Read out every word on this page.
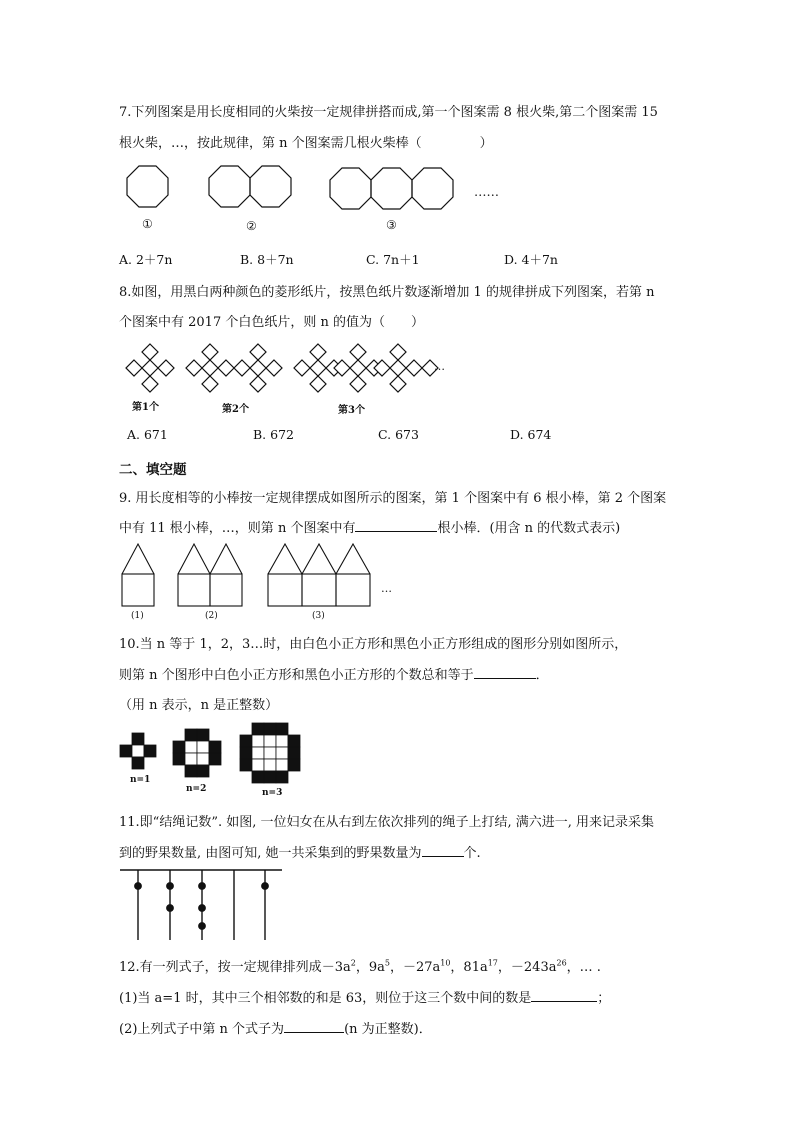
7.下列图案是用长度相同的火柴按一定规律拼搭而成,第一个图案需 8 根火柴,第二个图案需 15
根火柴，…，按此规律，第 n 个图案需几根火柴棒（	）
①	②	③
……
A. 2＋7n	B. 8＋7n	C. 7n＋1	D. 4＋7n
8.如图，用黑白两种颜色的菱形纸片，按黑色纸片数逐渐增加 1 的规律拼成下列图案，若第 n
个图案中有 2017 个白色纸片，则 n 的值为（　　）
第1个	第2个	第3个
…
A. 671	B. 672	C. 673	D. 674
二、填空题
9. 用长度相等的小棒按一定规律摆成如图所示的图案，第 1 个图案中有 6 根小棒，第 2 个图案
中有 11 根小棒，…，则第 n 个图案中有	根小棒．(用含 n 的代数式表示)
(1)	(2)	(3)
…
10.当 n 等于 1，2，3…时，由白色小正方形和黑色小正方形组成的图形分别如图所示，
则第 n 个图形中白色小正方形和黑色小正方形的个数总和等于	．
（用 n 表示，n 是正整数）
n=1
n=2	n=3
11.即“结绳记数”. 如图, 一位妇女在从右到左依次排列的绳子上打结, 满六进一, 用来记录采集
到的野果数量, 由图可知, 她一共采集到的野果数量为	个.
12.有一列式子，按一定规律排列成$-3a^2$，$9a^5$，$-27a^{10}$，$81a^{17}$，$-243a^{26}$，… .
(1)当 a=1 时，其中三个相邻数的和是 63，则位于这三个数中间的数是	；
(2)上列式子中第 n 个式子为	(n 为正整数)．
